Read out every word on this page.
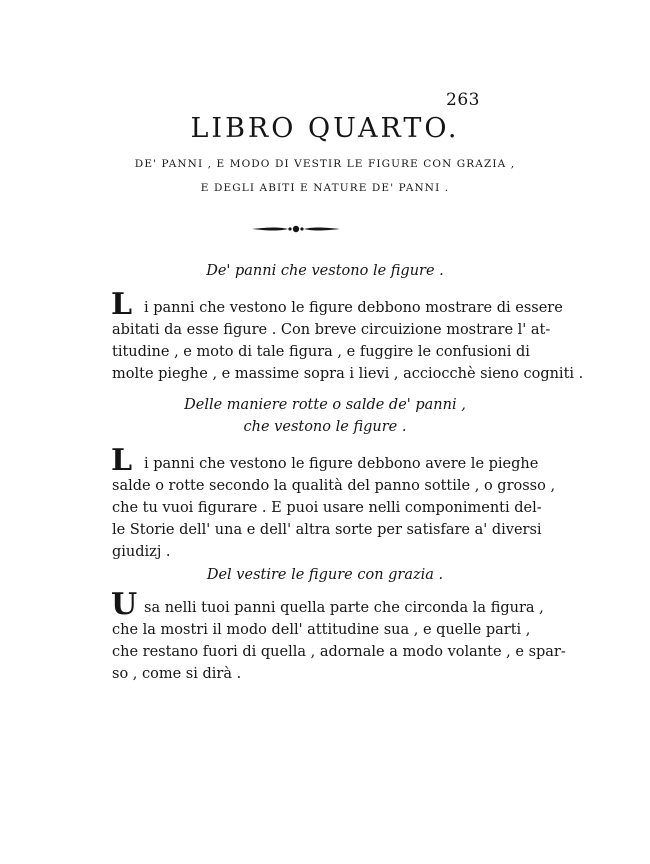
263
LIBRO QUARTO.
DE' PANNI , E MODO DI VESTIR LE FIGURE CON GRAZIA ,
E DEGLI ABITI E NATURE DE' PANNI .
De' panni che vestono le figure .
L i panni che vestono le figure debbono mostrare di essere
abitati da esse figure . Con breve circuizione mostrare l' at-
titudine , e moto di tale figura , e fuggire le confusioni di
molte pieghe , e massime sopra i lievi , acciocchè sieno cogniti .
Delle maniere rotte o salde de' panni ,
che vestono le figure .
L i panni che vestono le figure debbono avere le pieghe
salde o rotte secondo la qualità del panno sottile , o grosso ,
che tu vuoi figurare . E puoi usare nelli componimenti del-
le Storie dell' una e dell' altra sorte per satisfare a' diversi
giudizj .
Del vestire le figure con grazia .
U sa nelli tuoi panni quella parte che circonda la figura ,
che la mostri il modo dell' attitudine sua , e quelle parti ,
che restano fuori di quella , adornale a modo volante , e spar-
so , come si dirà .
